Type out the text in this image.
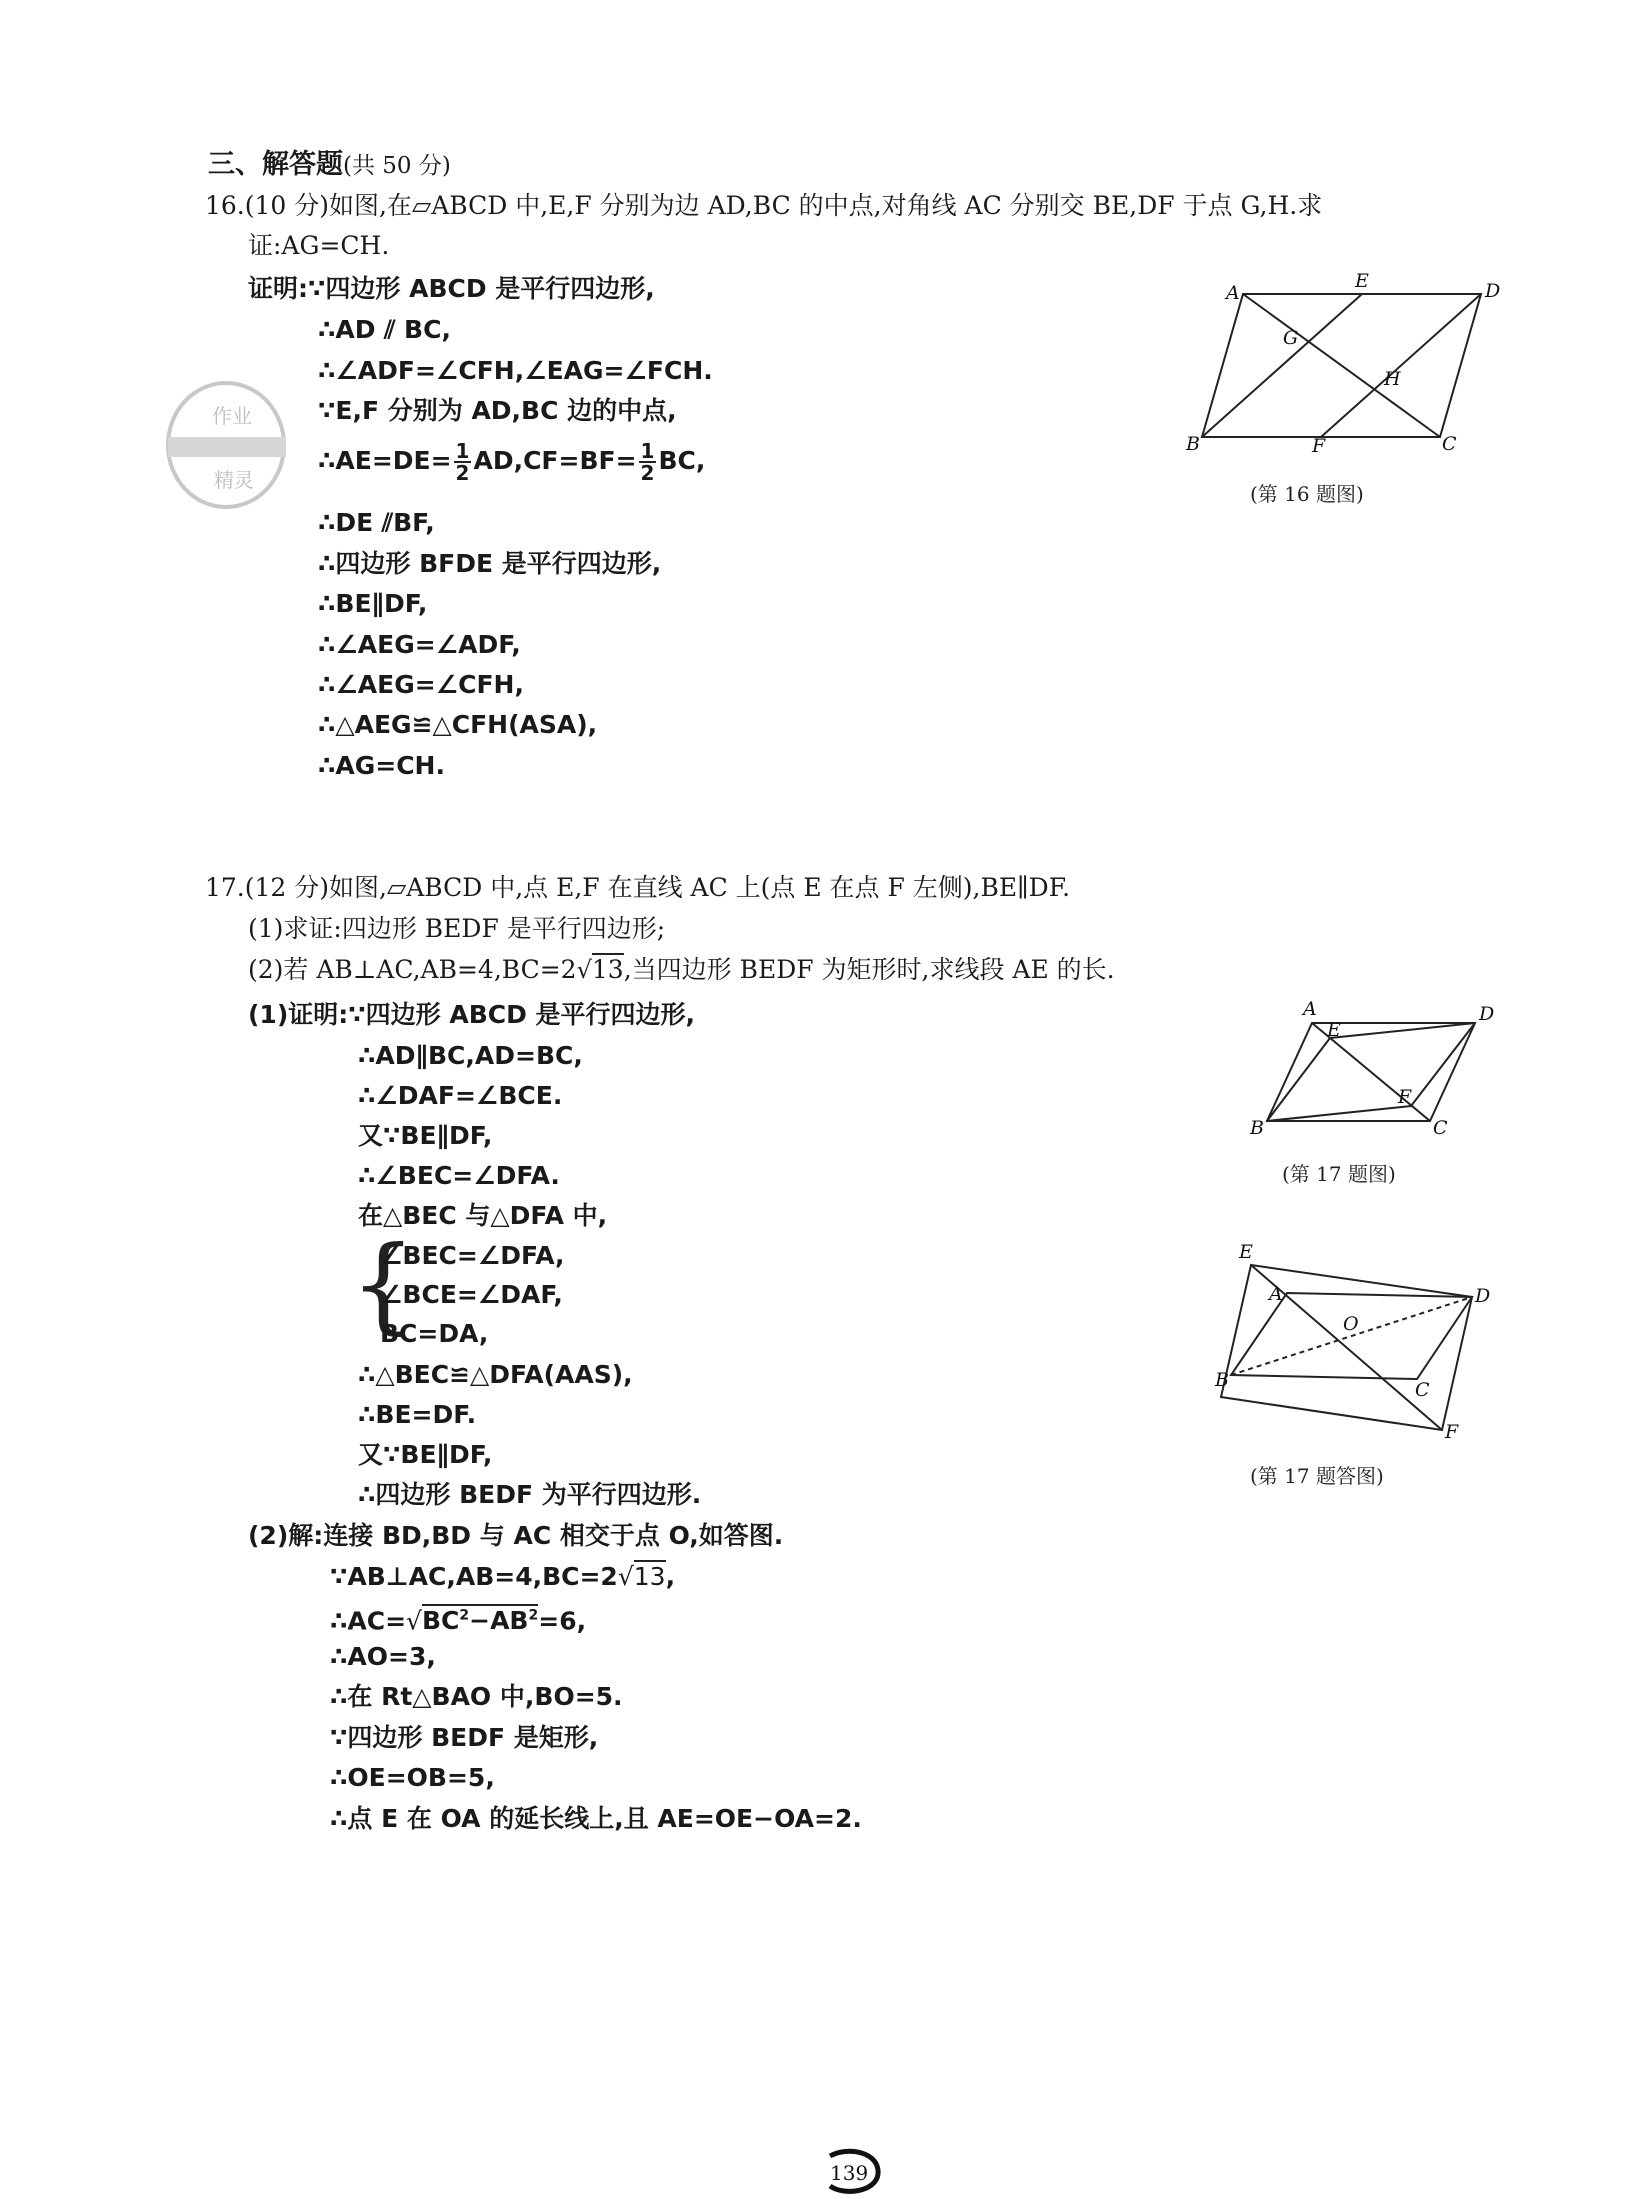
三、解答题(共 50 分)
16.(10 分)如图,在▱ABCD 中,E,F 分别为边 AD,BC 的中点,对角线 AC 分别交 BE,DF 于点 G,H.求
证:AG=CH.
证明:∵四边形 ABCD 是平行四边形,
∴AD ⫽ BC,
∴∠ADF=∠CFH,∠EAG=∠FCH.
∵E,F 分别为 AD,BC 边的中点,
∴AE=DE= $\frac{1}{2} AD,CF=BF= \frac{1}{2}$ BC,
∴DE ⫽BF,
∴四边形 BFDE 是平行四边形,
∴BE∥DF,
∴∠AEG=∠ADF,
∴∠AEG=∠CFH,
∴△AEG≌△CFH(ASA),
∴AG=CH.
作业
精灵
A
E	D
G
H
B	F	C
(第 16 题图)
17.(12 分)如图,▱ABCD 中,点 E,F 在直线 AC 上(点 E 在点 F 左侧),BE∥DF.
(1)求证:四边形 BEDF 是平行四边形;
(2)若 AB⊥AC,AB=4,BC=2√13,当四边形 BEDF 为矩形时,求线段 AE 的长.
(1)证明:∵四边形 ABCD 是平行四边形,
∴AD∥BC,AD=BC,
∴∠DAF=∠BCE.
又∵BE∥DF,
∴∠BEC=∠DFA.
在△BEC 与△DFA 中,
{
∠BEC=∠DFA,
∠BCE=∠DAF,
BC=DA,
∴△BEC≌△DFA(AAS),
∴BE=DF.
又∵BE∥DF,
∴四边形 BEDF 为平行四边形.
(2)解:连接 BD,BD 与 AC 相交于点 O,如答图.
∵AB⊥AC,AB=4,BC=2√13,
$\therefore AC=√BC^2-AB^2=6$,
∴AO=3,
∴在 Rt△BAO 中,BO=5.
∵四边形 BEDF 是矩形,
∴OE=OB=5,
∴点 E 在 OA 的延长线上,且 AE=OE−OA=2.
A	D
E
F
B	C
(第 17 题图)
E
A
O
D
B	C
F
(第 17 题答图)
139
